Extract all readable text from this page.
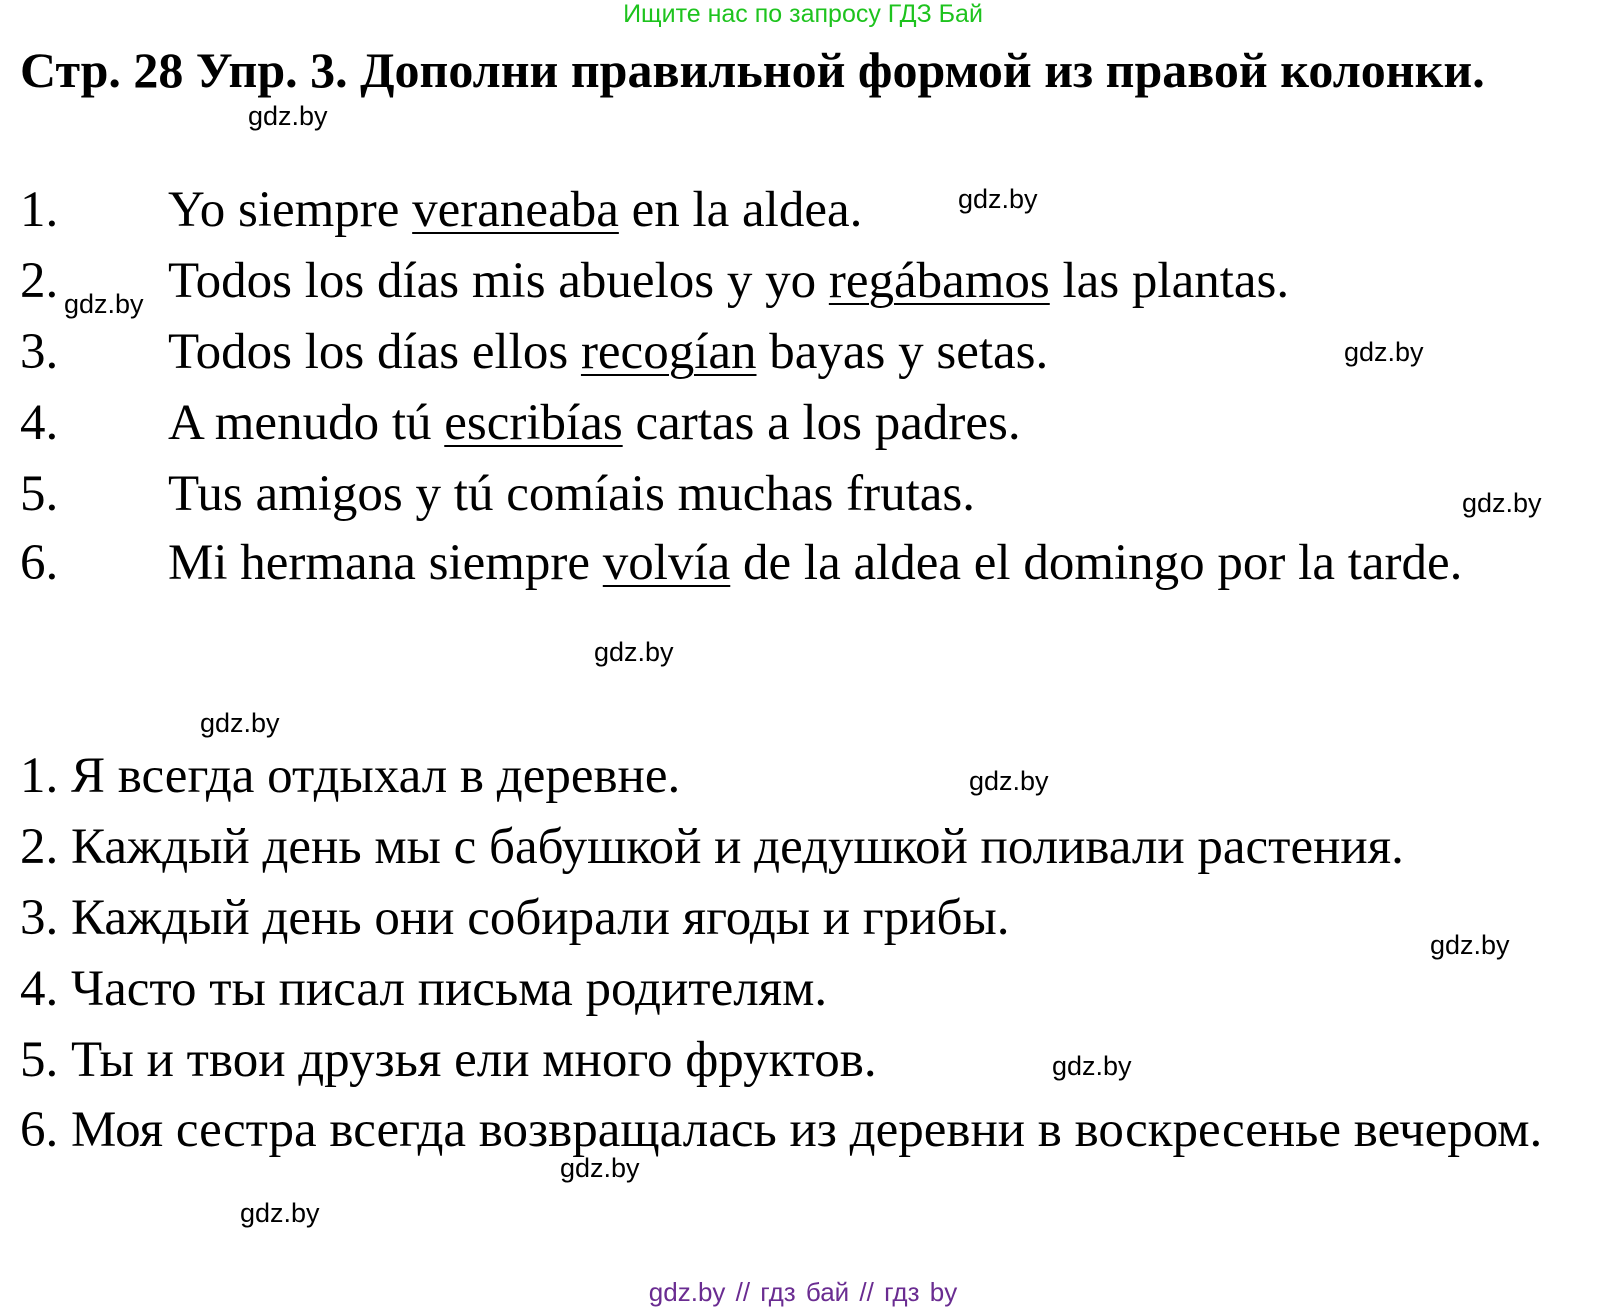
Ищите нас по запросу ГДЗ Бай
Стр. 28 Упр. 3. Дополни правильной формой из правой колонки.
1. Yo siempre veraneaba en la aldea.
2. Todos los días mis abuelos y yo regábamos las plantas.
3. Todos los días ellos recogían bayas y setas.
4. A menudo tú escribías cartas a los padres.
5. Tus amigos y tú comíais muchas frutas.
6. Mi hermana siempre volvía de la aldea el domingo por la tarde.
1. Я всегда отдыхал в деревне.
2. Каждый день мы с бабушкой и дедушкой поливали растения.
3. Каждый день они собирали ягоды и грибы.
4. Часто ты писал письма родителям.
5. Ты и твои друзья ели много фруктов.
6. Моя сестра всегда возвращалась из деревни в воскресенье вечером.
gdz.by
gdz.by
gdz.by
gdz.by
gdz.by
gdz.by
gdz.by
gdz.by
gdz.by
gdz.by
gdz.by
gdz.by
gdz.by // гдз бай // гдз by
